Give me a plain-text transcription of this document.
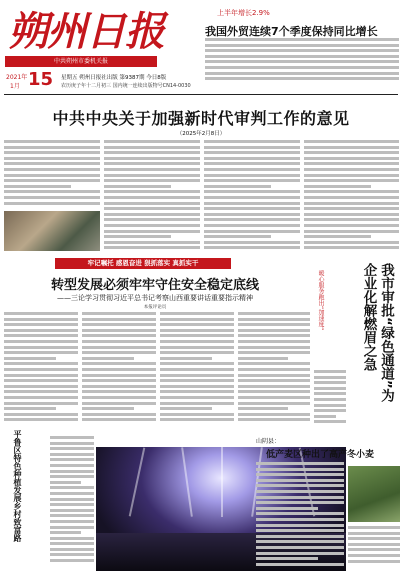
朔州日报
中共朔州市委机关报
2021年
1月 15 星期五 朔州日报社出版 第9387期 今日8版
农历庚子年十二月初三 国内统一连续出版物号CN14-0030
上半年增长2.9%
我国外贸连续7个季度保持同比增长
中共中央关于加强新时代审判工作的意见
（2025年2月8日）
牢记嘱托 感恩奋进 狠抓落实 真抓实干
转型发展必须牢牢守住安全稳定底线
——三论学习贯彻习近平总书记考察山西重要讲话重要指示精神
本报评论员	暖心服务跑出“加速度”	我市审批“绿色通道”为企业化解燃眉之急
平鲁区特色种植发展乡村致富路	山阴县：
低产麦区种出了高产冬小麦
